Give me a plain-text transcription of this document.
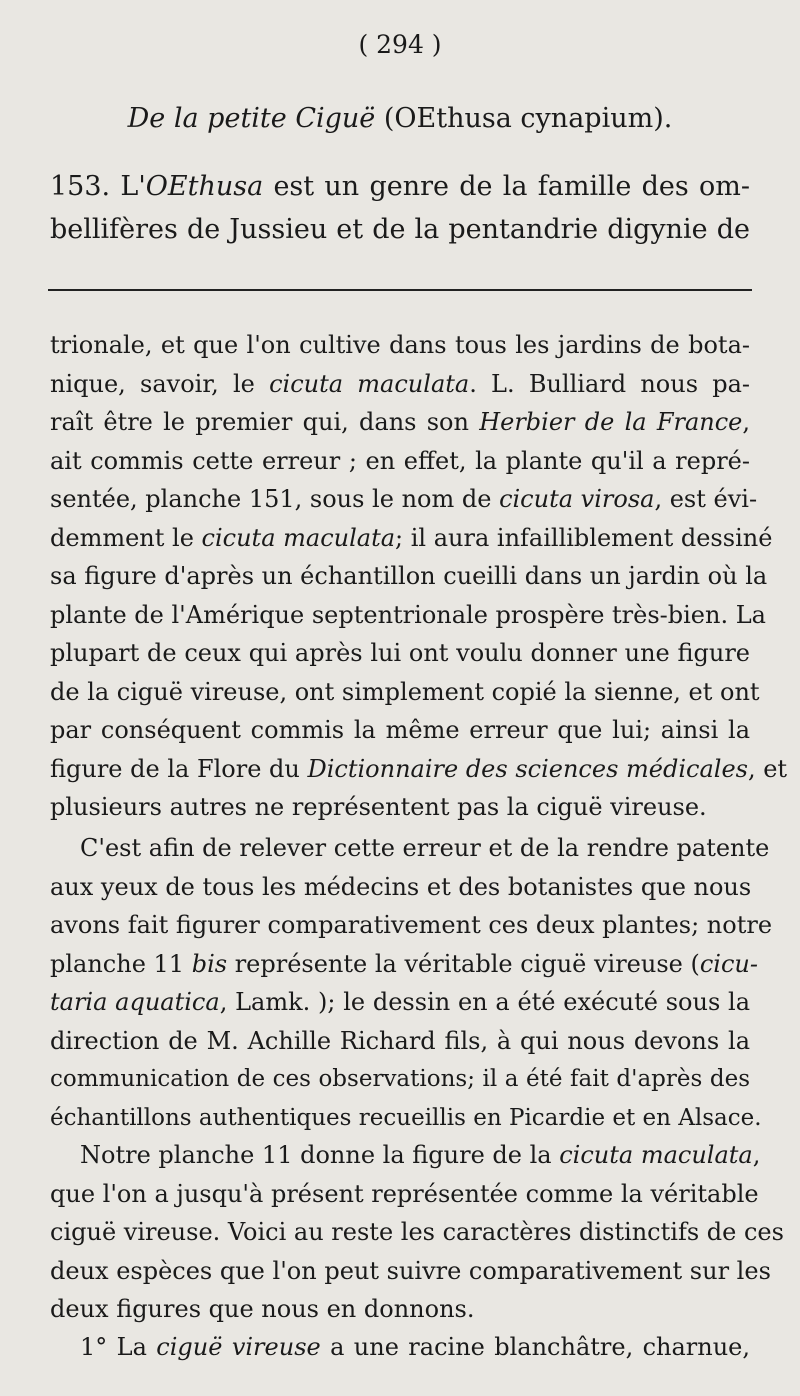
( 294 )
De la petite Ciguë (OEthusa cynapium).
153. L'OEthusa est un genre de la famille des om-
bellifères de Jussieu et de la pentandrie digynie de
trionale, et que l'on cultive dans tous les jardins de bota-
nique, savoir, le cicuta maculata. L. Bulliard nous pa-
raît être le premier qui, dans son Herbier de la France,
ait commis cette erreur ; en effet, la plante qu'il a repré-
sentée, planche 151, sous le nom de cicuta virosa, est évi-
demment le cicuta maculata; il aura infailliblement dessiné
sa figure d'après un échantillon cueilli dans un jardin où la
plante de l'Amérique septentrionale prospère très-bien. La
plupart de ceux qui après lui ont voulu donner une figure
de la ciguë vireuse, ont simplement copié la sienne, et ont
par conséquent commis la même erreur que lui; ainsi la
figure de la Flore du Dictionnaire des sciences médicales, et
plusieurs autres ne représentent pas la ciguë vireuse.
C'est afin de relever cette erreur et de la rendre patente
aux yeux de tous les médecins et des botanistes que nous
avons fait figurer comparativement ces deux plantes; notre
planche 11 bis représente la véritable ciguë vireuse (cicu-
taria aquatica, Lamk. ); le dessin en a été exécuté sous la
direction de M. Achille Richard fils, à qui nous devons la
communication de ces observations; il a été fait d'après des
échantillons authentiques recueillis en Picardie et en Alsace.
Notre planche 11 donne la figure de la cicuta maculata,
que l'on a jusqu'à présent représentée comme la véritable
ciguë vireuse. Voici au reste les caractères distinctifs de ces
deux espèces que l'on peut suivre comparativement sur les
deux figures que nous en donnons.
1° La ciguë vireuse a une racine blanchâtre, charnue,
